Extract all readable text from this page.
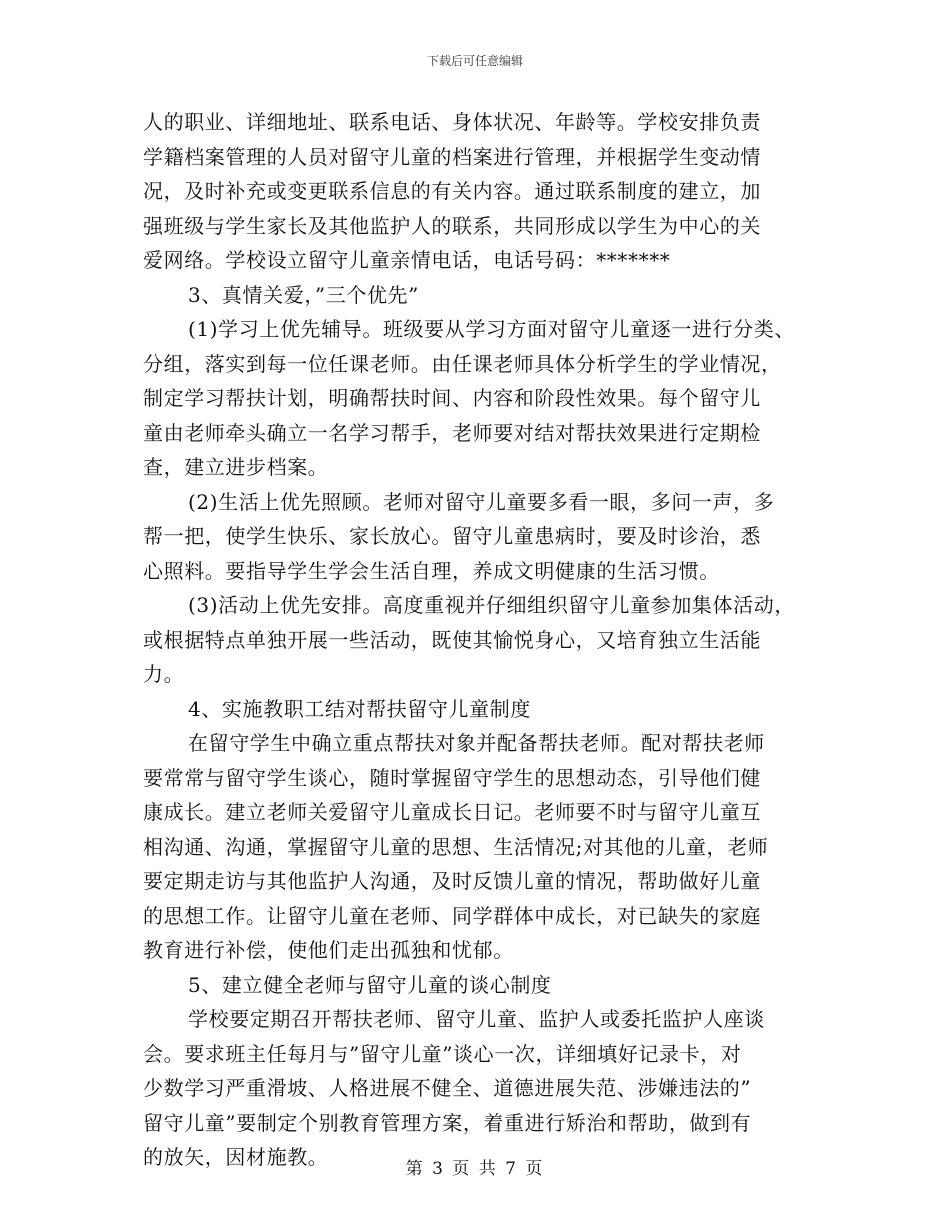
下载后可任意编辑
人的职业、详细地址、联系电话、身体状况、年龄等。学校安排负责
学籍档案管理的人员对留守儿童的档案进行管理，并根据学生变动情
况，及时补充或变更联系信息的有关内容。通过联系制度的建立，加
强班级与学生家长及其他监护人的联系，共同形成以学生为中心的关
爱网络。学校设立留守儿童亲情电话，电话号码：*******
3、真情关爱，”三个优先”
(1)学习上优先辅导。班级要从学习方面对留守儿童逐一进行分类、
分组，落实到每一位任课老师。由任课老师具体分析学生的学业情况，
制定学习帮扶计划，明确帮扶时间、内容和阶段性效果。每个留守儿
童由老师牵头确立一名学习帮手，老师要对结对帮扶效果进行定期检
查，建立进步档案。
(2)生活上优先照顾。老师对留守儿童要多看一眼，多问一声，多
帮一把，使学生快乐、家长放心。留守儿童患病时，要及时诊治，悉
心照料。要指导学生学会生活自理，养成文明健康的生活习惯。
(3)活动上优先安排。高度重视并仔细组织留守儿童参加集体活动，
或根据特点单独开展一些活动，既使其愉悦身心，又培育独立生活能
力。
4、实施教职工结对帮扶留守儿童制度
在留守学生中确立重点帮扶对象并配备帮扶老师。配对帮扶老师
要常常与留守学生谈心，随时掌握留守学生的思想动态，引导他们健
康成长。建立老师关爱留守儿童成长日记。老师要不时与留守儿童互
相沟通、沟通，掌握留守儿童的思想、生活情况;对其他的儿童，老师
要定期走访与其他监护人沟通，及时反馈儿童的情况，帮助做好儿童
的思想工作。让留守儿童在老师、同学群体中成长，对已缺失的家庭
教育进行补偿，使他们走出孤独和忧郁。
5、建立健全老师与留守儿童的谈心制度
学校要定期召开帮扶老师、留守儿童、监护人或委托监护人座谈
会。要求班主任每月与”留守儿童”谈心一次，详细填好记录卡，对
少数学习严重滑坡、人格进展不健全、道德进展失范、涉嫌违法的”
留守儿童”要制定个别教育管理方案，着重进行矫治和帮助，做到有
的放矢，因材施教。	第 3 页 共 7 页
